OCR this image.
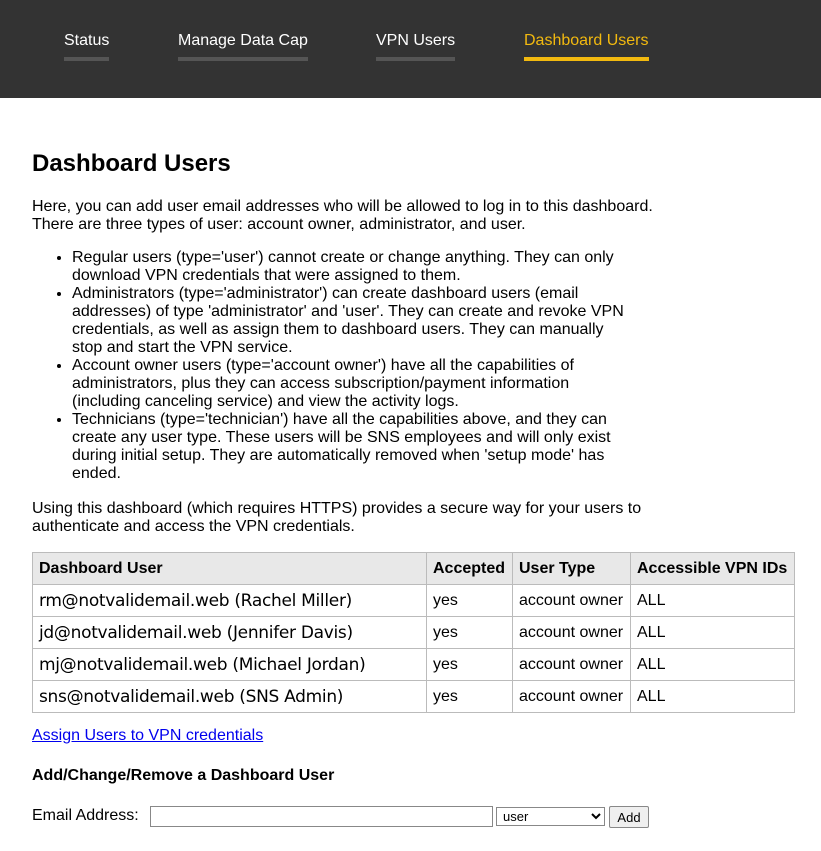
Status	Manage Data Cap	VPN Users	Dashboard Users
Dashboard Users

Here, you can add user email addresses who will be allowed to log in to this dashboard. There are three types of user: account owner, administrator, and user.

• Regular users (type='user') cannot create or change anything. They can only download VPN credentials that were assigned to them.
• Administrators (type='administrator') can create dashboard users (email addresses) of type 'administrator' and 'user'. They can create and revoke VPN credentials, as well as assign them to dashboard users. They can manually stop and start the VPN service.
• Account owner users (type='account owner') have all the capabilities of administrators, plus they can access subscription/payment information (including canceling service) and view the activity logs.
• Technicians (type='technician') have all the capabilities above, and they can create any user type. These users will be SNS employees and will only exist during initial setup. They are automatically removed when 'setup mode' has ended.

Using this dashboard (which requires HTTPS) provides a secure way for your users to authenticate and access the VPN credentials.

Dashboard User	Accepted	User Type	Accessible VPN IDs
rm@notvalidemail.web (Rachel Miller)	yes	account owner	ALL
jd@notvalidemail.web (Jennifer Davis)	yes	account owner	ALL
mj@notvalidemail.web (Michael Jordan)	yes	account owner	ALL
sns@notvalidemail.web (SNS Admin)	yes	account owner	ALL
Assign Users to VPN credentials
Add/Change/Remove a Dashboard User
Email Address:
user	Add
